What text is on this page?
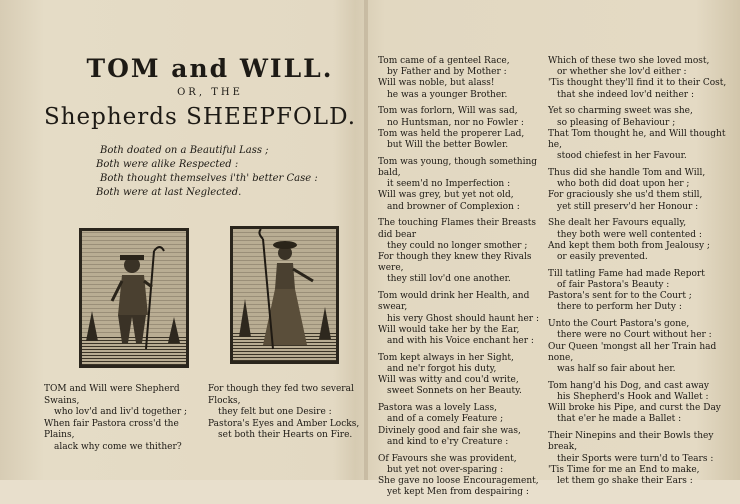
TOM and WILL.
OR, THE
Shepherds SHEEPFOLD.
Both doated on a Beautiful Lass ;
Both were alike Respected :
Both thought themselves i'th' better Case :
Both were at last Neglected.
TOM and Will were Shepherd Swains,
who lov'd and liv'd together ;
When fair Pastora cross'd the Plains,
alack why come we thither?
For though they fed two several Flocks,
they felt but one Desire :
Pastora's Eyes and Amber Locks,
set both their Hearts on Fire.
Tom came of a genteel Race,
by Father and by Mother :
Will was noble, but alass!
he was a younger Brother.
Tom was forlorn, Will was sad,
no Huntsman, nor no Fowler :
Tom was held the properer Lad,
but Will the better Bowler.
Tom was young, though something bald,
it seem'd no Imperfection :
Will was grey, but yet not old,
and browner of Complexion :
The touching Flames their Breasts did bear
they could no longer smother ;
For though they knew they Rivals were,
they still lov'd one another.
Tom would drink her Health, and swear,
his very Ghost should haunt her :
Will would take her by the Ear,
and with his Voice enchant her :
Tom kept always in her Sight,
and ne'r forgot his duty,
Will was witty and cou'd write,
sweet Sonnets on her Beauty.
Pastora was a lovely Lass,
and of a comely Feature ;
Divinely good and fair she was,
and kind to e'ry Creature :
Of Favours she was provident,
but yet not over-sparing :
She gave no loose Encouragement,
yet kept Men from despairing :
Which of these two she loved most,
or whether she lov'd either :
'Tis thought they'll find it to their Cost,
that she indeed lov'd neither :
Yet so charming sweet was she,
so pleasing of Behaviour ;
That Tom thought he, and Will thought he,
stood chiefest in her Favour.
Thus did she handle Tom and Will,
who both did doat upon her ;
For graciously she us'd them still,
yet still preserv'd her Honour :
She dealt her Favours equally,
they both were well contented :
And kept them both from Jealousy ;
or easily prevented.
Till tatling Fame had made Report
of fair Pastora's Beauty :
Pastora's sent for to the Court ;
there to perform her Duty :
Unto the Court Pastora's gone,
there were no Court without her :
Our Queen 'mongst all her Train had none,
was half so fair about her.
Tom hang'd his Dog, and cast away
his Shepherd's Hook and Wallet :
Will broke his Pipe, and curst the Day
that e'er he made a Ballet :
Their Ninepins and their Bowls they break,
their Sports were turn'd to Tears :
'Tis Time for me an End to make,
let them go shake their Ears :
